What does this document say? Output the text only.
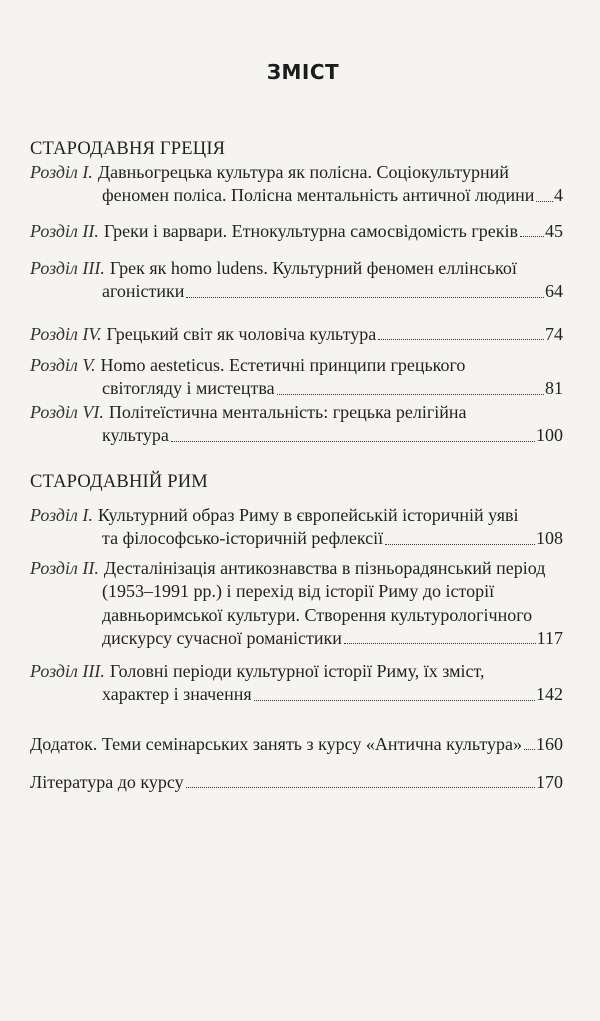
ЗМІСТ
СТАРОДАВНЯ ГРЕЦІЯ
Розділ I. Давньогрецька культура як полісна. Соціокультурний
феномен поліса. Полісна ментальність античної людини 4
Розділ II. Греки і варвари. Етнокультурна самосвідомість греків 45
Розділ III. Грек як homo ludens. Культурний феномен еллінської
агоністики	64
Розділ IV. Грецький світ як чоловіча культура	74
Розділ V. Homo aesteticus. Естетичні принципи грецького
світогляду і мистецтва	81
Розділ VI. Політеїстична ментальність: грецька релігійна
культура	100
СТАРОДАВНІЙ РИМ
Розділ I. Культурний образ Риму в європейській історичній уяві
та філософсько-історичній рефлексії	108
Розділ II. Десталінізація антикознавства в пізньорадянський період
(1953–1991 рр.) і перехід від історії Риму до історії
давньоримської культури. Створення культурологічного
дискурсу сучасної романістики	117
Розділ III. Головні періоди культурної історії Риму, їх зміст,
характер і значення	142
Додаток. Теми семінарських занять з курсу «Антична культура» 160
Література до курсу	170
